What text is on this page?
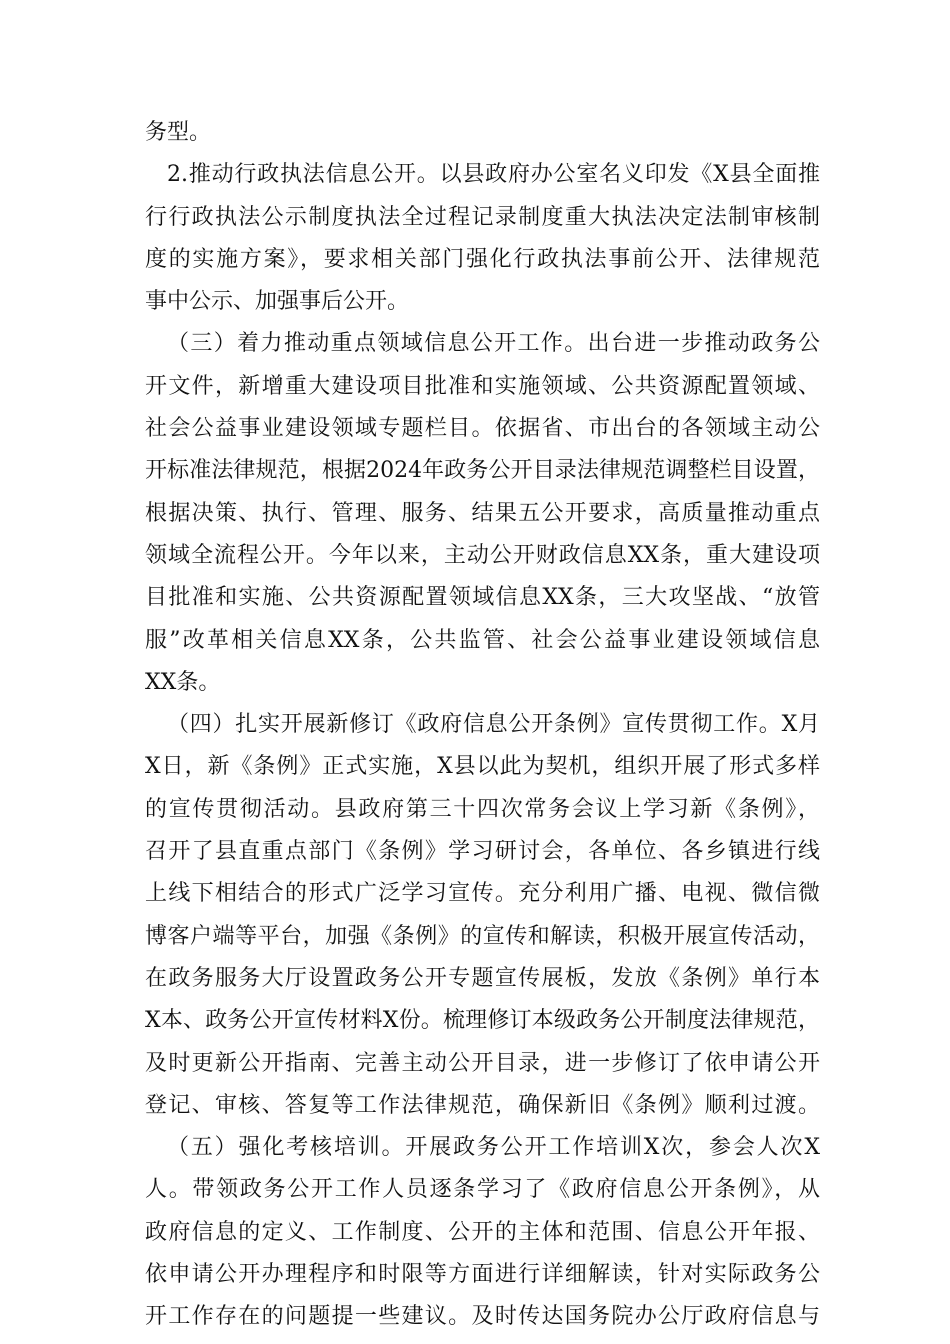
务型。
2.推动行政执法信息公开。以县政府办公室名义印发《X县全面推
行行政执法公示制度执法全过程记录制度重大执法决定法制审核制
度的实施方案》，要求相关部门强化行政执法事前公开、法律规范
事中公示、加强事后公开。
（三）着力推动重点领域信息公开工作。出台进一步推动政务公
开文件，新增重大建设项目批准和实施领域、公共资源配置领域、
社会公益事业建设领域专题栏目。依据省、市出台的各领域主动公
开标准法律规范，根据2024年政务公开目录法律规范调整栏目设置，
根据决策、执行、管理、服务、结果五公开要求，高质量推动重点
领域全流程公开。今年以来，主动公开财政信息XX条，重大建设项
目批准和实施、公共资源配置领域信息XX条，三大攻坚战、“放管
服”改革相关信息XX条，公共监管、社会公益事业建设领域信息
XX条。
（四）扎实开展新修订《政府信息公开条例》宣传贯彻工作。X月
X日，新《条例》正式实施，X县以此为契机，组织开展了形式多样
的宣传贯彻活动。县政府第三十四次常务会议上学习新《条例》，
召开了县直重点部门《条例》学习研讨会，各单位、各乡镇进行线
上线下相结合的形式广泛学习宣传。充分利用广播、电视、微信微
博客户端等平台，加强《条例》的宣传和解读，积极开展宣传活动，
在政务服务大厅设置政务公开专题宣传展板，发放《条例》单行本
X本、政务公开宣传材料X份。梳理修订本级政务公开制度法律规范，
及时更新公开指南、完善主动公开目录，进一步修订了依申请公开
登记、审核、答复等工作法律规范，确保新旧《条例》顺利过渡。
（五）强化考核培训。开展政务公开工作培训X次，参会人次X
人。带领政务公开工作人员逐条学习了《政府信息公开条例》，从
政府信息的定义、工作制度、公开的主体和范围、信息公开年报、
依申请公开办理程序和时限等方面进行详细解读，针对实际政务公
开工作存在的问题提一些建议。及时传达国务院办公厅政府信息与
